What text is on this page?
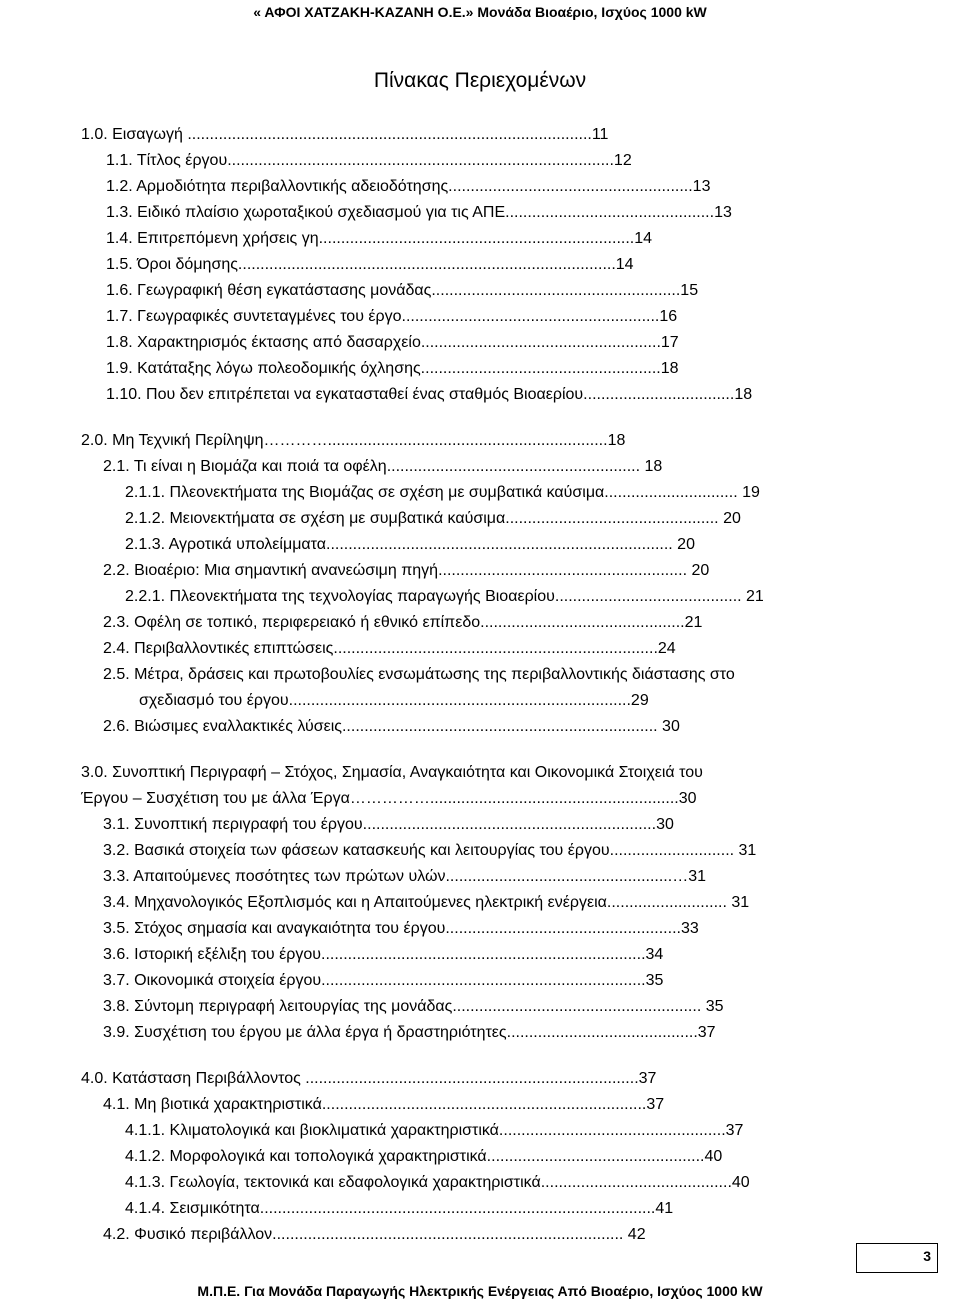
« ΑΦΟΙ ΧΑΤΖΑΚΗ-ΚΑΖΑΝΗ Ο.Ε.» Μονάδα Βιοαέριο, Ισχύος 1000 kW
Πίνακας Περιεχομένων
1.0. Εισαγωγή ...........................................................................................11
1.1. Τίτλος έργου.......................................................................................12
1.2. Αρμοδιότητα περιβαλλοντικής αδειοδότησης.......................................................13
1.3. Ειδικό πλαίσιο χωροταξικού σχεδιασμού για τις ΑΠΕ...............................................13
1.4. Επιτρεπόμενη χρήσεις γη.......................................................................14
1.5. Όροι δόμησης.....................................................................................14
1.6. Γεωγραφική θέση εγκατάστασης μονάδας........................................................15
1.7. Γεωγραφικές συντεταγμένες του έργο..........................................................16
1.8. Χαρακτηρισμός έκτασης από δασαρχείο......................................................17
1.9. Κατάταξης λόγω πολεοδομικής όχλησης......................................................18
1.10. Που δεν επιτρέπεται να εγκατασταθεί ένας σταθμός Βιοαερίου..................................18
2.0. Μη Τεχνική Περίληψη…………...............................................................18
2.1. Τι είναι η Βιομάζα και ποιά τα οφέλη......................................................... 18
2.1.1. Πλεονεκτήματα της Βιομάζας σε σχέση με συμβατικά καύσιμα.............................. 19
2.1.2. Μειονεκτήματα σε σχέση με συμβατικά καύσιμα................................................ 20
2.1.3. Αγροτικά υπολείμματα.............................................................................. 20
2.2. Βιοαέριο: Μια σημαντική ανανεώσιμη πηγή........................................................ 20
2.2.1. Πλεονεκτήματα της τεχνολογίας παραγωγής Βιοαερίου.......................................... 21
2.3. Οφέλη σε τοπικό, περιφερειακό ή εθνικό επίπεδο..............................................21
2.4. Περιβαλλοντικές επιπτώσεις.........................................................................24
2.5. Μέτρα, δράσεις και πρωτοβουλίες ενσωμάτωσης της περιβαλλοντικής διάστασης στο
σχεδιασμό του έργου.............................................................................29
2.6. Βιώσιμες εναλλακτικές λύσεις....................................................................... 30
3.0. Συνοπτική Περιγραφή – Στόχος, Σημασία, Αναγκαιότητα και Οικονομικά Στοιχειά του
Έργου – Συσχέτιση του με άλλα Έργα……………........................................................30
3.1. Συνοπτική περιγραφή του έργου..................................................................30
3.2. Βασικά στοιχεία των φάσεων κατασκευής και λειτουργίας του έργου............................ 31
3.3. Απαιτούμενες ποσότητες των πρώτων υλών...................................................…31
3.4. Μηχανολογικός Εξοπλισμός και η Απαιτούμενες ηλεκτρική ενέργεια........................... 31
3.5. Στόχος σημασία και αναγκαιότητα του έργου.....................................................33
3.6. Ιστορική εξέλιξη του έργου.........................................................................34
3.7. Οικονομικά στοιχεία έργου.........................................................................35
3.8. Σύντομη περιγραφή λειτουργίας της μονάδας........................................................ 35
3.9. Συσχέτιση του έργου με άλλα έργα ή δραστηριότητες...........................................37
4.0. Κατάσταση Περιβάλλοντος ...........................................................................37
4.1. Μη βιοτικά χαρακτηριστικά.........................................................................37
4.1.1. Κλιματολογικά και βιοκλιματικά χαρακτηριστικά...................................................37
4.1.2. Μορφολογικά και τοπολογικά χαρακτηριστικά.................................................40
4.1.3. Γεωλογία, τεκτονικά και εδαφολογικά χαρακτηριστικά...........................................40
4.1.4. Σεισμικότητα.........................................................................................41
4.2. Φυσικό περιβάλλον............................................................................... 42
3
Μ.Π.Ε. Για Μονάδα Παραγωγής Ηλεκτρικής Ενέργειας Από Βιοαέριο, Ισχύος 1000 kW
